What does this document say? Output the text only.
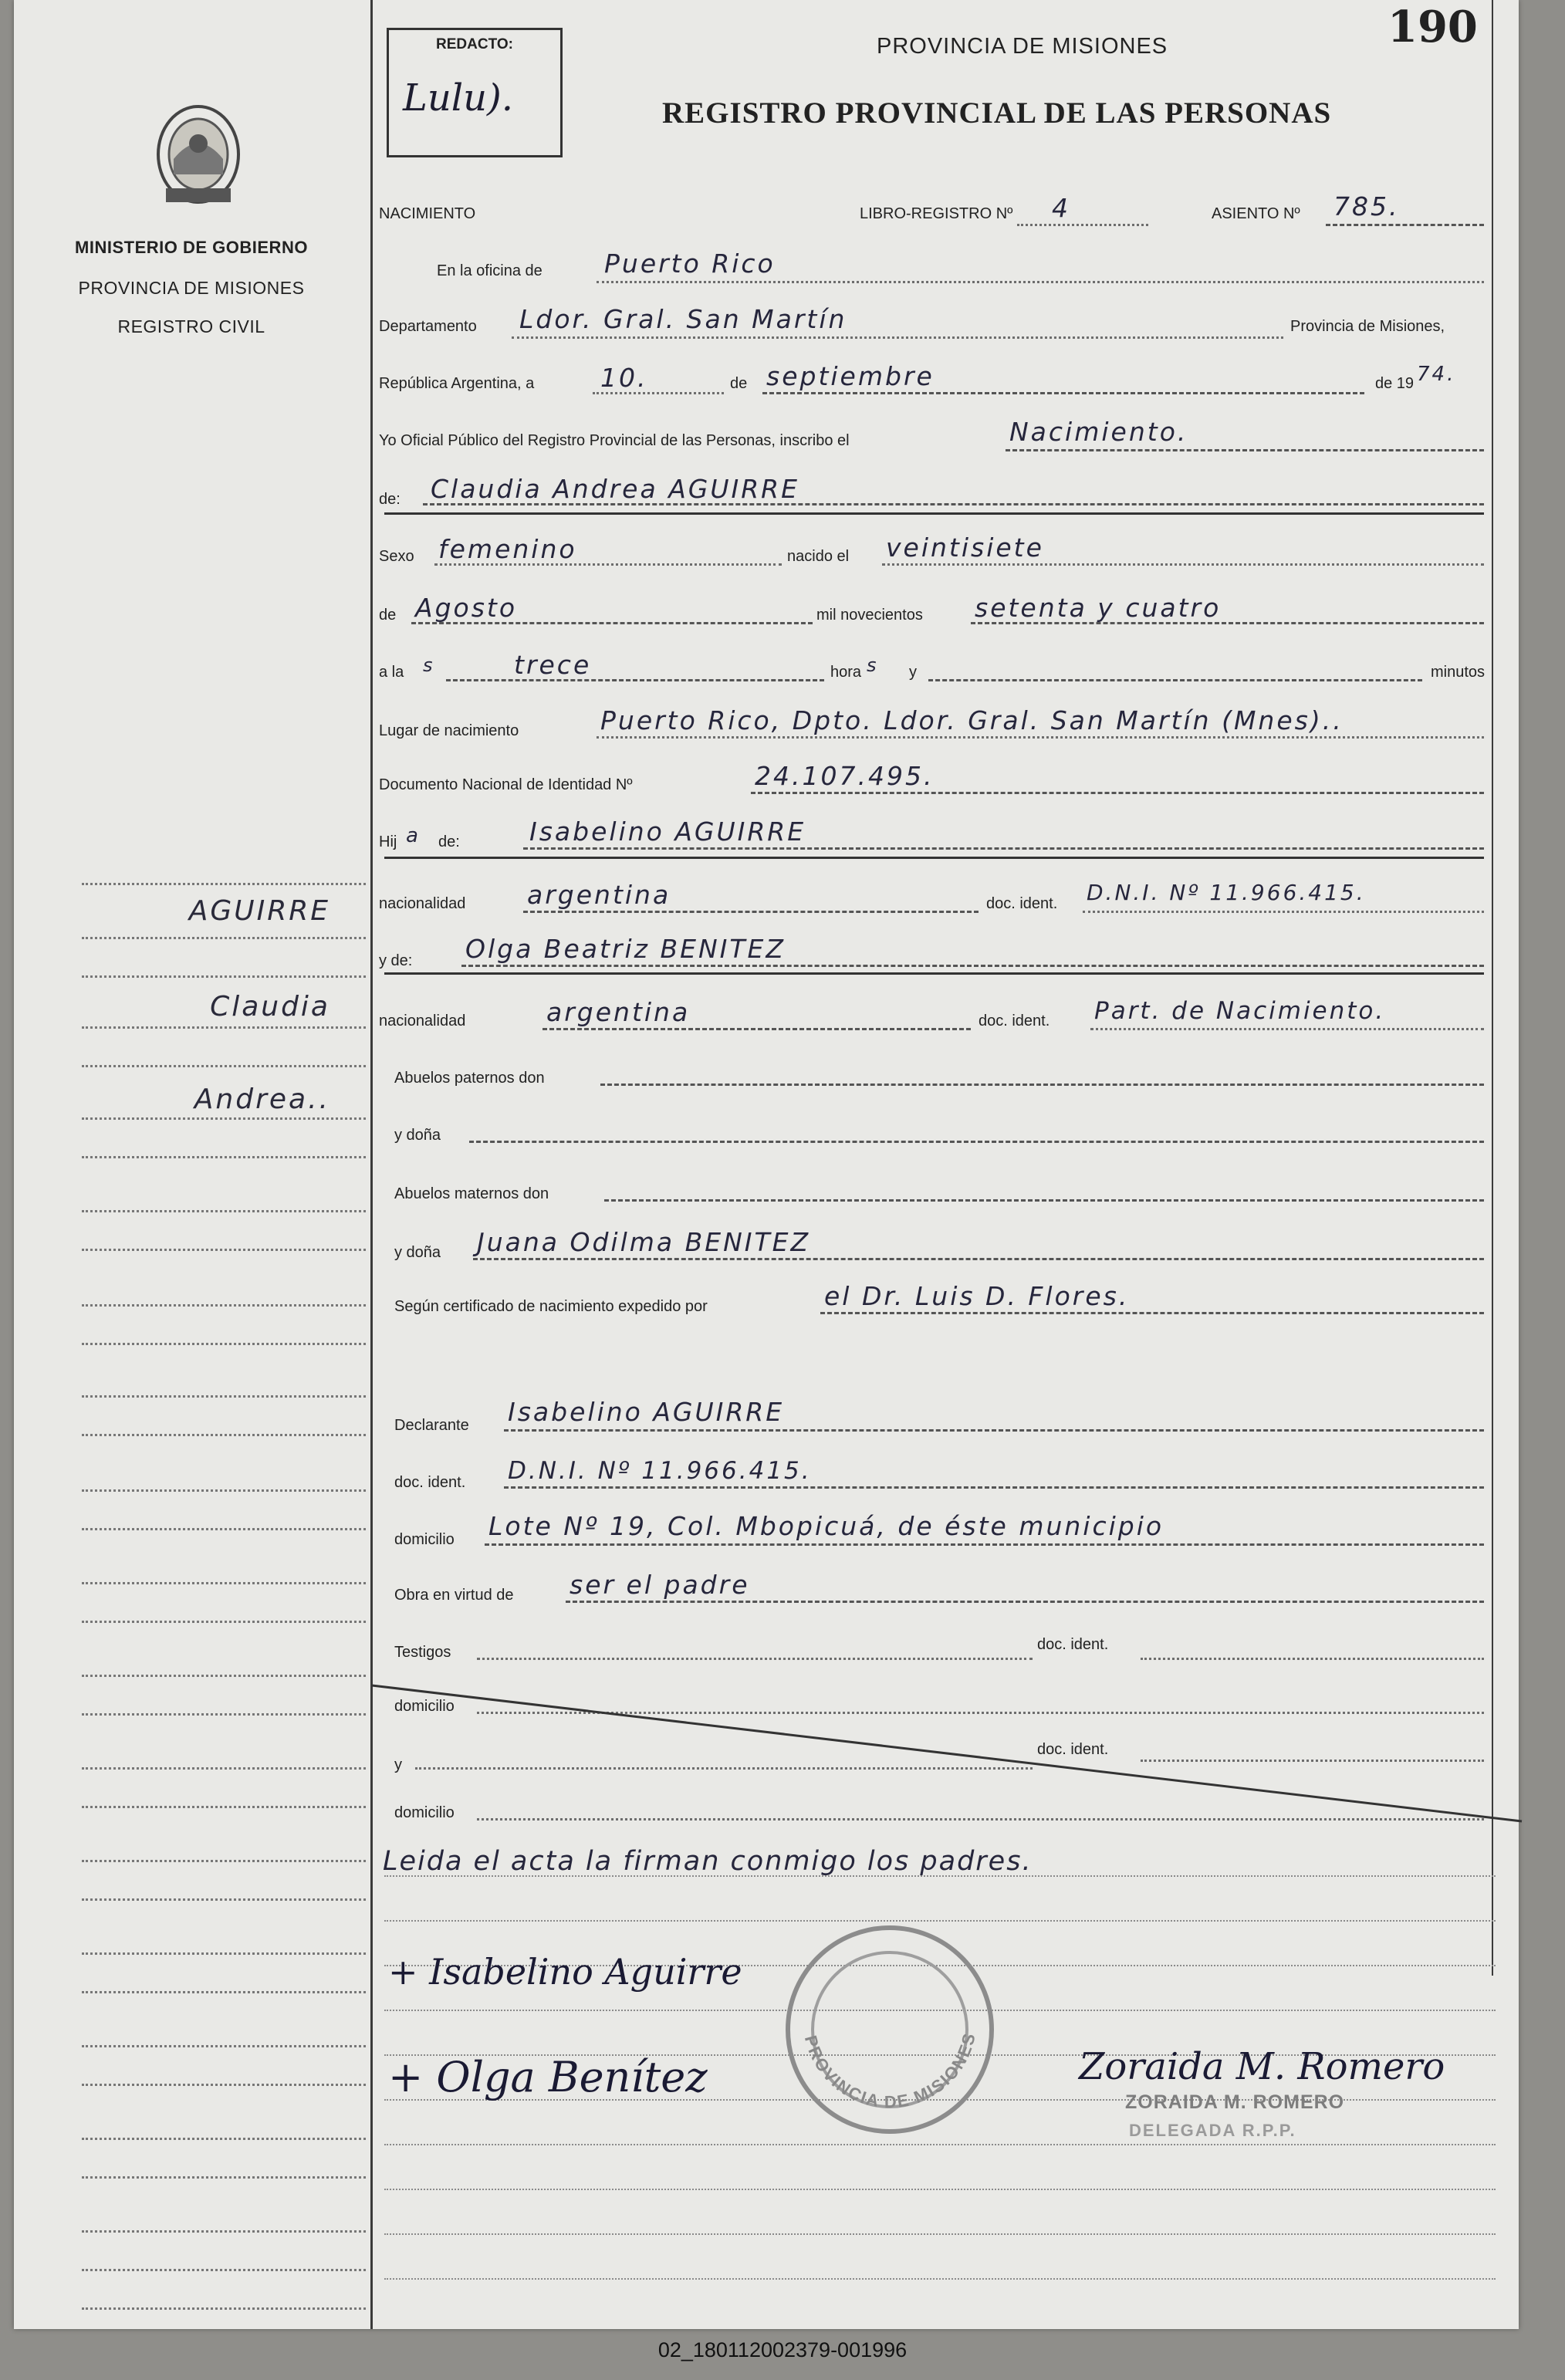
MINISTERIO DE GOBIERNO
PROVINCIA DE MISIONES
REGISTRO CIVIL
AGUIRRE
Claudia
Andrea..
REDACTO:
Lulu).
190
PROVINCIA DE MISIONES
REGISTRO PROVINCIAL DE LAS PERSONAS
NACIMIENTO	LIBRO-REGISTRO Nº 4	ASIENTO Nº 785.
En la oficina de Puerto Rico
Departamento Ldor. Gral. San Martín	Provincia de Misiones,
República Argentina, a	10.	de septiembre	de 19 74.
Yo Oficial Público del Registro Provincial de las Personas, inscribo el	Nacimiento.
de: Claudia Andrea AGUIRRE
Sexo femenino	nacido el veintisiete
de Agosto	mil novecientos setenta y cuatro
a la s	trece	hora s y	minutos
Lugar de nacimiento	Puerto Rico, Dpto. Ldor. Gral. San Martín (Mnes)..
Documento Nacional de Identidad Nº	24.107.495.
Hij a de:	Isabelino AGUIRRE
nacionalidad argentina	doc. ident. D.N.I. Nº 11.966.415.
y de: Olga Beatriz BENITEZ
nacionalidad	argentina	doc. ident. Part. de Nacimiento.
Abuelos paternos don
y doña
Abuelos maternos don
y doña Juana Odilma BENITEZ
Según certificado de nacimiento expedido por	el Dr. Luis D. Flores.
Declarante Isabelino AGUIRRE
doc. ident. D.N.I. Nº 11.966.415.
domicilio Lote Nº 19, Col. Mbopicuá, de éste municipio
Obra en virtud de ser el padre
Testigos	doc. ident.
domicilio
y
doc. ident.
domicilio
Leida el acta la firman conmigo los padres.
PROVINCIA DE MISIONES
+ Isabelino Aguirre
+ Olga Benítez	Zoraida M. Romero
ZORAIDA M. ROMERO
DELEGADA R.P.P.
02_180112002379-001996
